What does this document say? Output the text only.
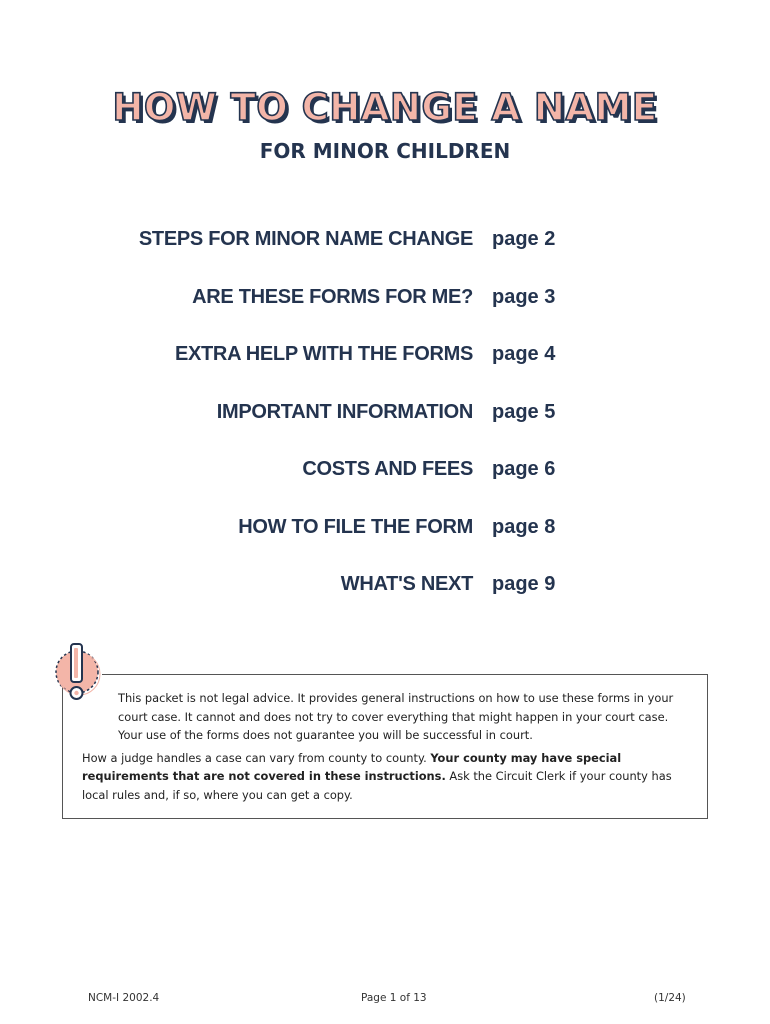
HOW TO CHANGE A NAME
FOR MINOR CHILDREN
STEPS FOR MINOR NAME CHANGE page 2
ARE THESE FORMS FOR ME? page 3
EXTRA HELP WITH THE FORMS page 4
IMPORTANT INFORMATION page 5
COSTS AND FEES page 6
HOW TO FILE THE FORM page 8
WHAT'S NEXT page 9

This packet is not legal advice. It provides general instructions on how to use these forms in your court case. It cannot and does not try to cover everything that might happen in your court case. Your use of the forms does not guarantee you will be successful in court.

How a judge handles a case can vary from county to county. Your county may have special requirements that are not covered in these instructions. Ask the Circuit Clerk if your county has local rules and, if so, where you can get a copy.

NCM-I 2002.4	Page 1 of 13	(1/24)
